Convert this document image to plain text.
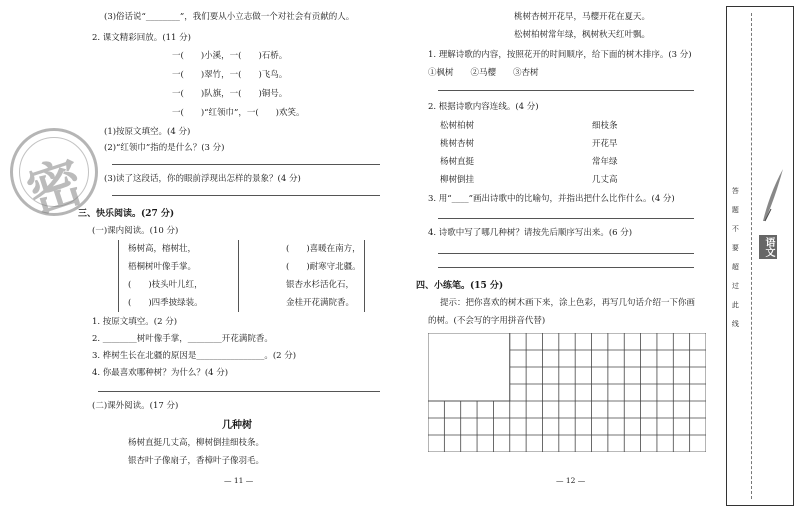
(3)俗话说“________”，我们要从小立志做一个对社会有贡献的人。
2. 课文精彩回放。(11 分)
一(　　)小溪，一(　　)石桥。
一(　　)翠竹，一(　　)飞鸟。
一(　　)队旗，一(　　)铜号。
一(　　)“红领巾”，一(　　)欢笑。
(1)按原文填空。(4 分)
(2)“红领巾”指的是什么？(3 分)
(3)读了这段话，你的眼前浮现出怎样的景象？(4 分)
密
三、快乐阅读。(27 分)
(一)课内阅读。(10 分)
杨树高，榕树壮，
梧桐树叶像手掌。
(　　)枝头叶儿红，
(　　)四季披绿装。
(　　)喜暖在南方，
(　　)耐寒守北疆。
银杏水杉活化石，
金桂开花满院香。
1. 按原文填空。(2 分)
2. ________树叶像手掌，________开花满院香。
3. 桦树生长在北疆的原因是________________。(2 分)
4. 你最喜欢哪种树？为什么？(4 分)
(二)课外阅读。(17 分)
几种树
杨树直挺几丈高，柳树倒挂细枝条。
银杏叶子像扇子，香樟叶子像羽毛。
— 11 —
桃树杏树开花早，马樱开花在夏天。
松树柏树常年绿，枫树秋天红叶飘。
1. 理解诗歌的内容，按照花开的时间顺序，给下面的树木排序。(3 分)
①枫树　　②马樱　　③杏树
2. 根据诗歌内容连线。(4 分)
松树柏树
桃树杏树
杨树直挺
柳树倒挂
细枝条
开花早
常年绿
几丈高
3. 用“____”画出诗歌中的比喻句，并指出把什么比作什么。(4 分)
4. 诗歌中写了哪几种树？请按先后顺序写出来。(6 分)
四、小练笔。(15 分)
提示：把你喜欢的树木画下来，涂上色彩，再写几句话介绍一下你画
的树。(不会写的字用拼音代替)
— 12 —
语文
答题不要超过此线
